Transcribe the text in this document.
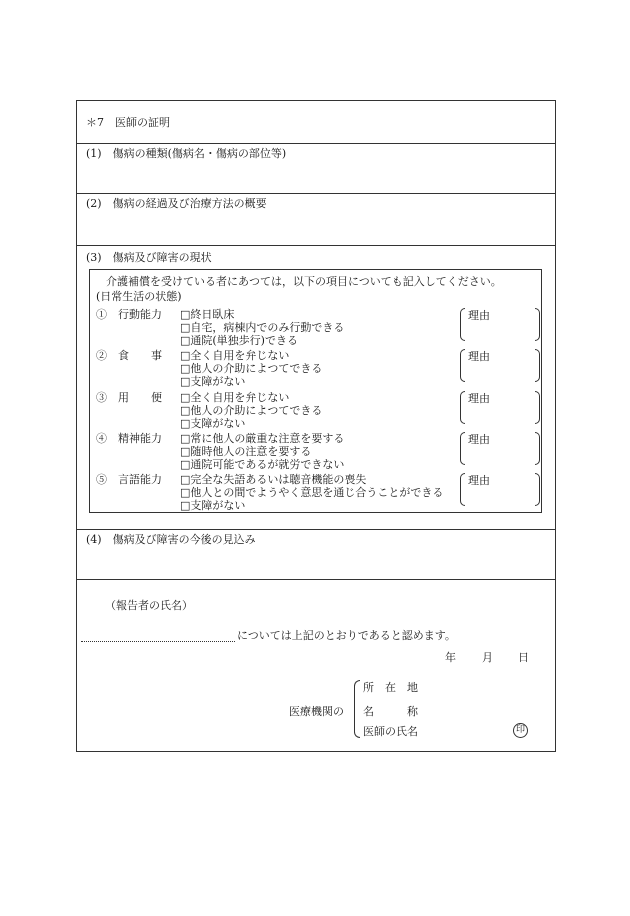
＊7　医師の証明
(1)　傷病の種類(傷病名・傷病の部位等)
(2)　傷病の経過及び治療方法の概要
(3)　傷病及び障害の現状
介護補償を受けている者にあつては，以下の項目についても記入してください。
(日常生活の状態)
①　行動能力 □終日臥床
□自宅，病棟内でのみ行動できる
□通院(単独歩行)できる
理由
②　食　　事 □全く自用を弁じない
□他人の介助によつてできる
□支障がない
理由
③　用　　便 □全く自用を弁じない
□他人の介助によつてできる
□支障がない
理由
④　精神能力 □常に他人の厳重な注意を要する
□随時他人の注意を要する
□通院可能であるが就労できない
理由
⑤　言語能力 □完全な失語あるいは聴音機能の喪失
□他人との間でようやく意思を通じ合うことができる
□支障がない
理由
(4)　傷病及び障害の今後の見込み
（報告者の氏名）
については上記のとおりであると認めます。
年 月 日
医療機関の
所　在　地
名　　　称
医師の氏名	印
